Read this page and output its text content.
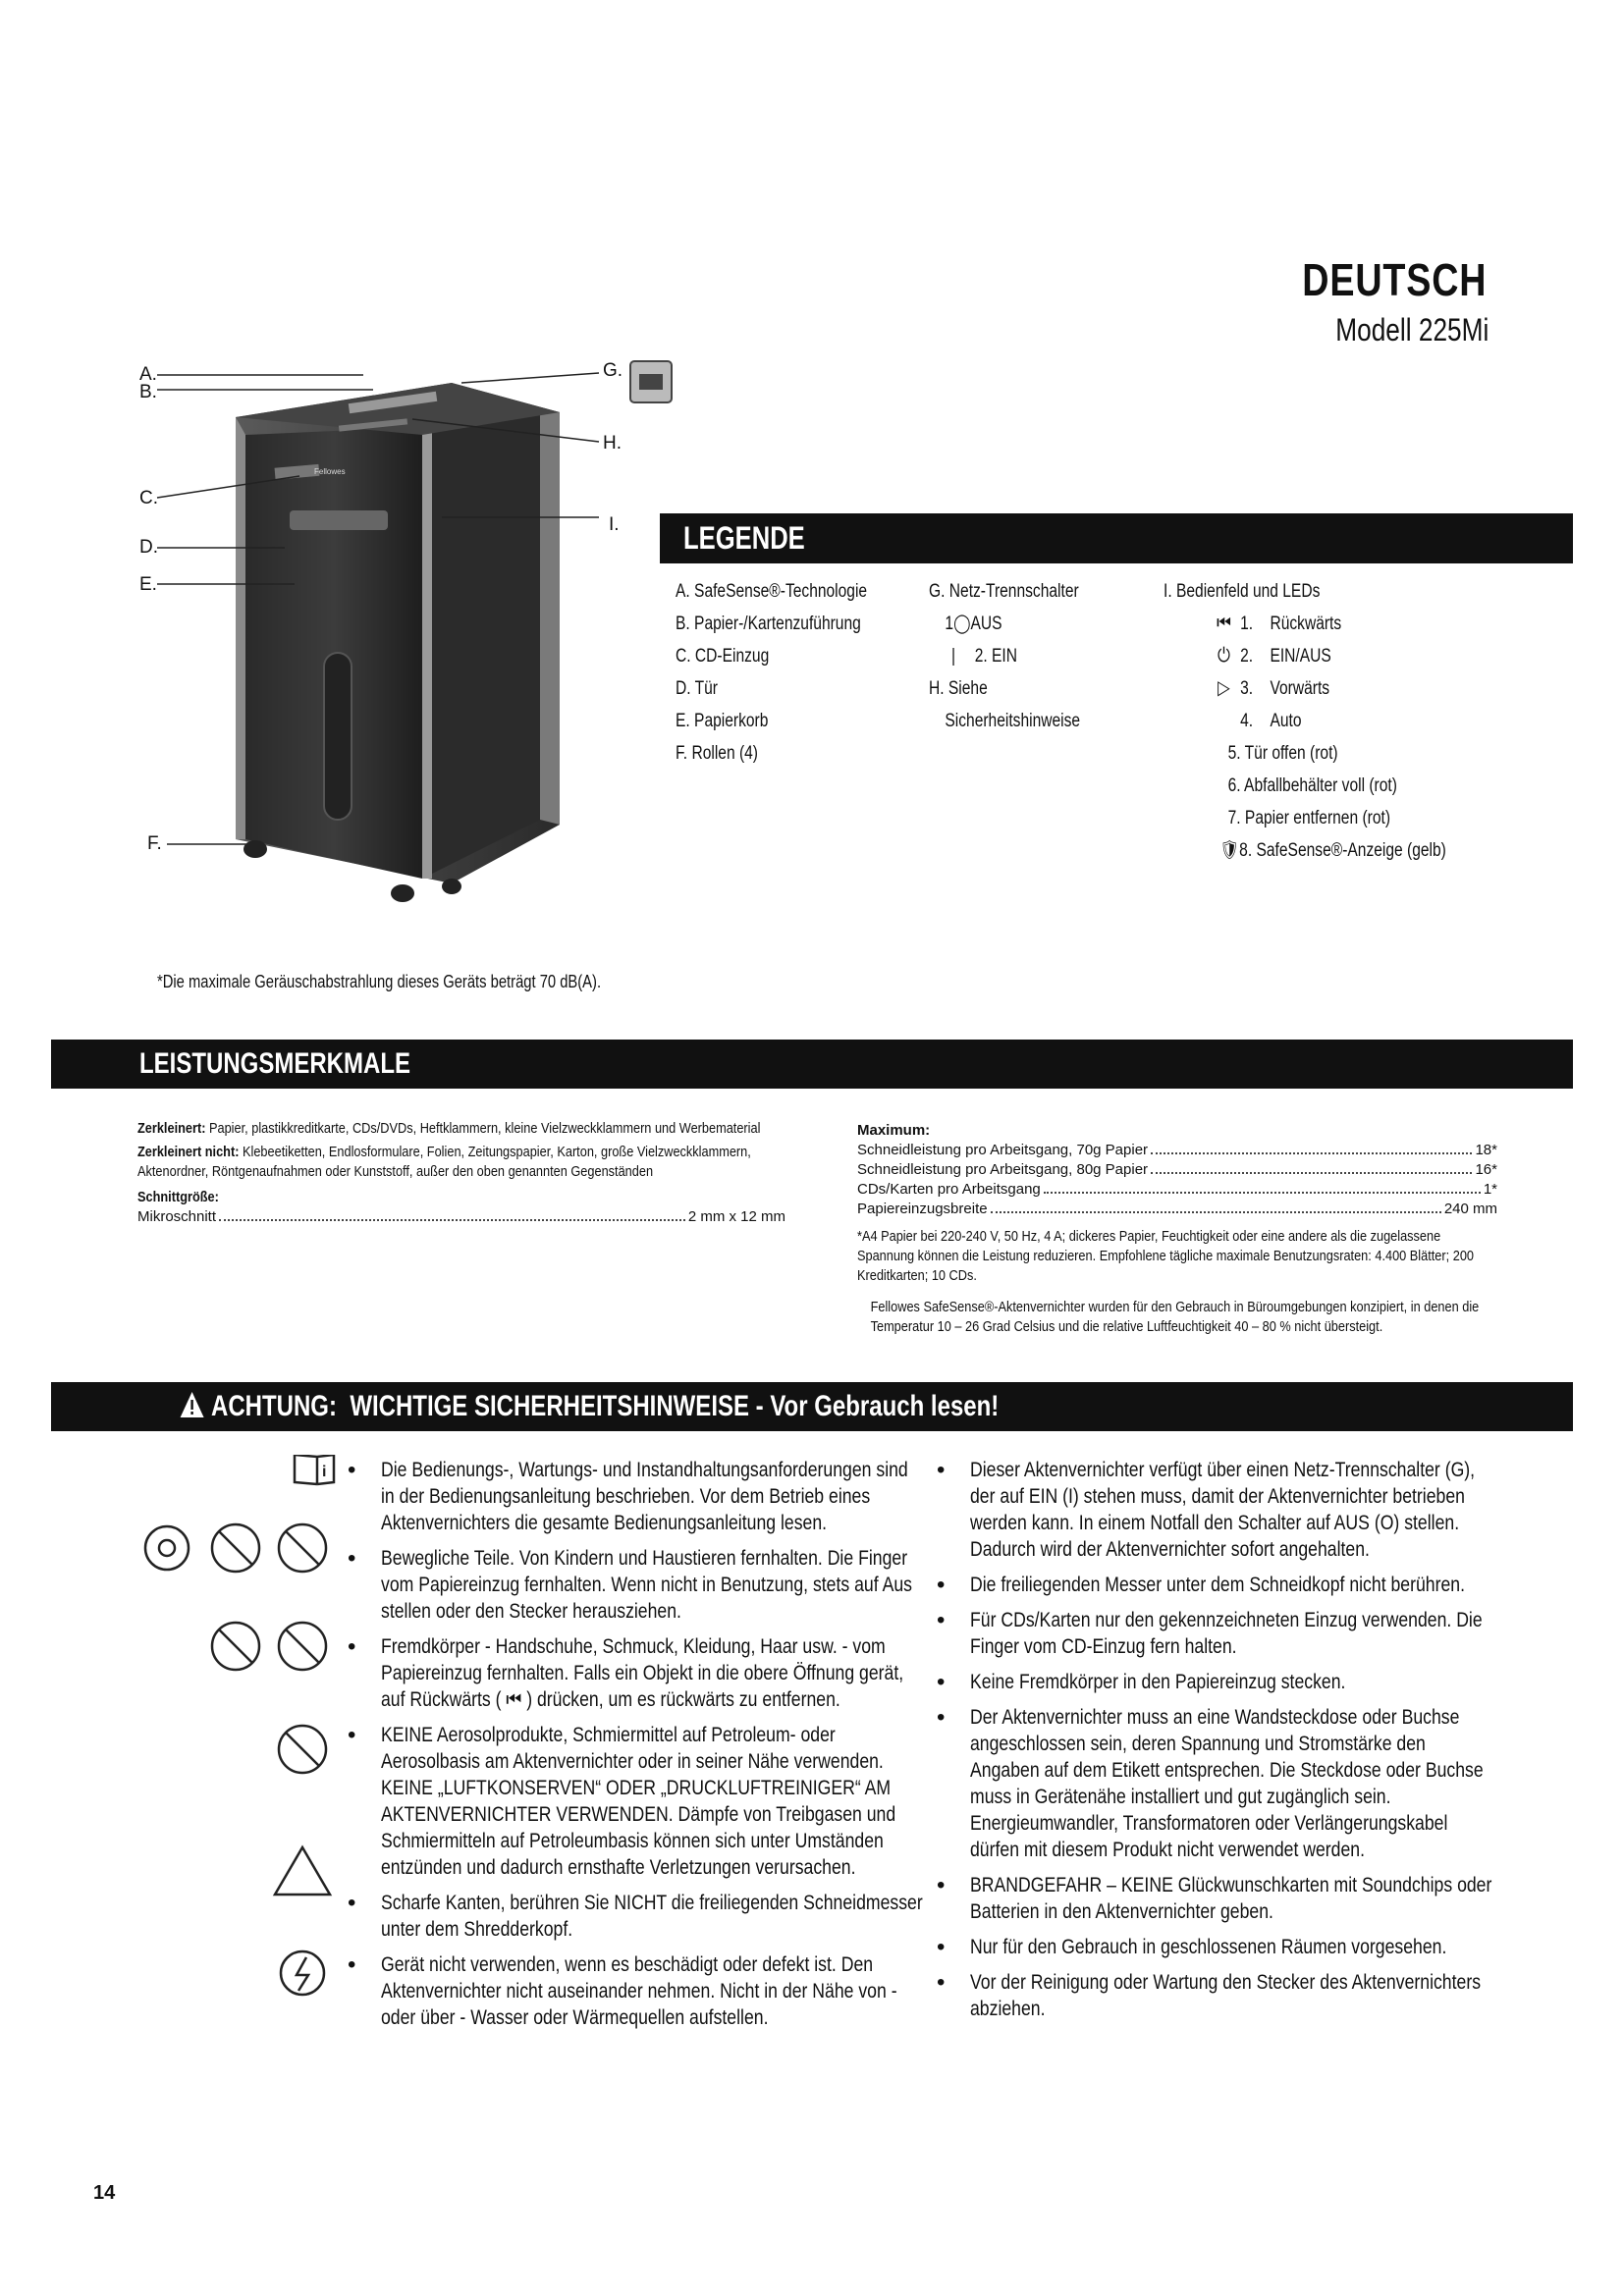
DEUTSCH
Modell 225Mi
A.
B.
C.
D.
E.
F.
G.
H.
I.
Fellowes
LEGENDE
A. SafeSense®-Technologie
B. Papier-/Kartenzuführung
C. CD-Einzug
D. Tür
E. Papierkorb
F. Rollen (4)
G. Netz-Trennschalter
1◯AUS
| 2. EIN
H. Siehe
Sicherheitshinweise
I. Bedienfeld und LEDs
⏮ 1. Rückwärts
⏻ 2. EIN/AUS
▷ 3. Vorwärts
4. Auto
5. Tür offen (rot)
6. Abfallbehälter voll (rot)
7. Papier entfernen (rot)
🛡8. SafeSense®-Anzeige (gelb)
*Die maximale Geräuschabstrahlung dieses Geräts beträgt 70 dB(A).
LEISTUNGSMERKMALE
Zerkleinert: Papier, plastikkreditkarte, CDs/DVDs, Heftklammern, kleine Vielzweckklammern und Werbematerial
Zerkleinert nicht: Klebeetiketten, Endlosformulare, Folien, Zeitungspapier, Karton, große Vielzweckklammern, Aktenordner, Röntgenaufnahmen oder Kunststoff, außer den oben genannten Gegenständen
Schnittgröße:
Mikroschnitt	2 mm x 12 mm
Maximum:
Schneidleistung pro Arbeitsgang, 70g Papier	18*
Schneidleistung pro Arbeitsgang, 80g Papier	16*
CDs/Karten pro Arbeitsgang	1*
Papiereinzugsbreite	240 mm
*A4 Papier bei 220-240 V, 50 Hz, 4 A; dickeres Papier, Feuchtigkeit oder eine andere als die zugelassene Spannung können die Leistung reduzieren. Empfohlene tägliche maximale Benutzungsraten: 4.400 Blätter; 200 Kreditkarten; 10 CDs.
Fellowes SafeSense®-Aktenvernichter wurden für den Gebrauch in Büroumgebungen konzipiert, in denen die Temperatur 10 – 26 Grad Celsius und die relative Luftfeuchtigkeit 40 – 80 % nicht übersteigt.
ACHTUNG: WICHTIGE SICHERHEITSHINWEISE - Vor Gebrauch lesen!
i
•	Die Bedienungs-, Wartungs- und Instandhaltungsanforderungen sind in der Bedienungsanleitung beschrieben. Vor dem Betrieb eines Aktenvernichters die gesamte Bedienungsanleitung lesen.
• Bewegliche Teile. Von Kindern und Haustieren fernhalten. Die Finger vom Papiereinzug fernhalten. Wenn nicht in Benutzung, stets auf Aus stellen oder den Stecker herausziehen.
• Fremdkörper - Handschuhe, Schmuck, Kleidung, Haar usw. - vom Papiereinzug fernhalten. Falls ein Objekt in die obere Öffnung gerät, auf Rückwärts ( ⏮ ) drücken, um es rückwärts zu entfernen.
• KEINE Aerosolprodukte, Schmiermittel auf Petroleum- oder Aerosolbasis am Aktenvernichter oder in seiner Nähe verwenden. KEINE „LUFTKONSERVEN“ ODER „DRUCKLUFTREINIGER“ AM AKTENVERNICHTER VERWENDEN. Dämpfe von Treibgasen und Schmiermitteln auf Petroleumbasis können sich unter Umständen entzünden und dadurch ernsthafte Verletzungen verursachen.
• Scharfe Kanten, berühren Sie NICHT die freiliegenden Schneidmesser unter dem Shredderkopf.
• Gerät nicht verwenden, wenn es beschädigt oder defekt ist. Den Aktenvernichter nicht auseinander nehmen. Nicht in der Nähe von - oder über - Wasser oder Wärmequellen aufstellen.
• Dieser Aktenvernichter verfügt über einen Netz-Trennschalter (G), der auf EIN (I) stehen muss, damit der Aktenvernichter betrieben werden kann. In einem Notfall den Schalter auf AUS (O) stellen. Dadurch wird der Aktenvernichter sofort angehalten.
• Die freiliegenden Messer unter dem Schneidkopf nicht berühren.
• Für CDs/Karten nur den gekennzeichneten Einzug verwenden. Die Finger vom CD-Einzug fern halten.
• Keine Fremdkörper in den Papiereinzug stecken.
• Der Aktenvernichter muss an eine Wandsteckdose oder Buchse angeschlossen sein, deren Spannung und Stromstärke den Angaben auf dem Etikett entsprechen. Die Steckdose oder Buchse muss in Gerätenähe installiert und gut zugänglich sein. Energieumwandler, Transformatoren oder Verlängerungskabel dürfen mit diesem Produkt nicht verwendet werden.
• BRANDGEFAHR – KEINE Glückwunschkarten mit Soundchips oder Batterien in den Aktenvernichter geben.
• Nur für den Gebrauch in geschlossenen Räumen vorgesehen.
• Vor der Reinigung oder Wartung den Stecker des Aktenvernichters abziehen.
14
